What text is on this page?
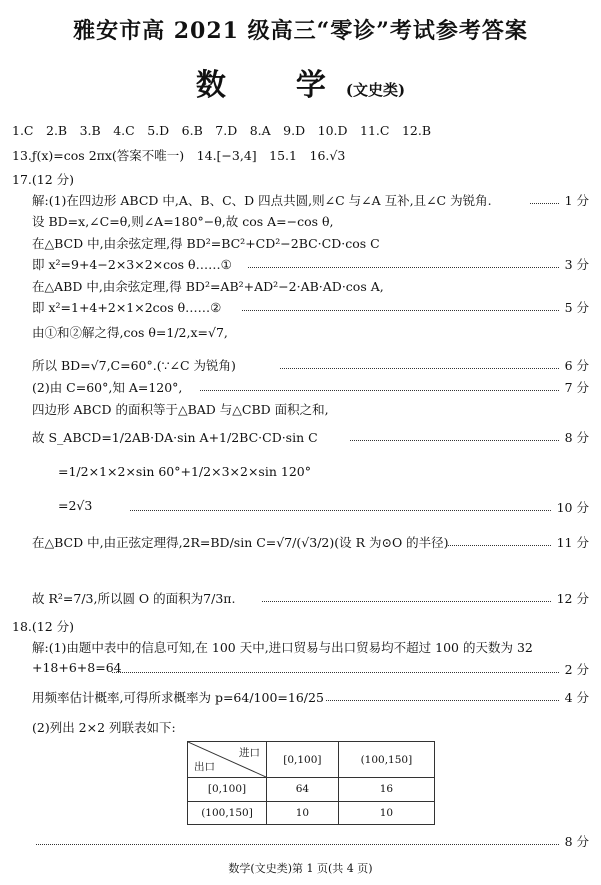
雅安市高 2021 级高三“零诊”考试参考答案
数　学(文史类)
1.C　2.B　3.B　4.C　5.D　6.B　7.D　8.A　9.D　10.D　11.C　12.B
13.ƒ(x)=cos 2πx(答案不唯一)　14.[−3,4]　15.1　16.√3
17.(12 分)
解:(1)在四边形 ABCD 中,A、B、C、D 四点共圆,则∠C 与∠A 互补,且∠C 为锐角.	1 分
设 BD=x,∠C=θ,则∠A=180°−θ,故 cos A=−cos θ,
在△BCD 中,由余弦定理,得 BD²=BC²+CD²−2BC·CD·cos C
即 x²=9+4−2×3×2×cos θ……①	3 分
在△ABD 中,由余弦定理,得 BD²=AB²+AD²−2·AB·AD·cos A,
即 x²=1+4+2×1×2cos θ……②	5 分
由①和②解之得,cos θ=1/2,x=√7,
所以 BD=√7,C=60°.(∵∠C 为锐角)	6 分
(2)由 C=60°,知 A=120°,	7 分
四边形 ABCD 的面积等于△BAD 与△CBD 面积之和,
故 S_ABCD=1/2AB·DA·sin A+1/2BC·CD·sin C	8 分
=1/2×1×2×sin 60°+1/2×3×2×sin 120°
=2√3	10 分
在△BCD 中,由正弦定理得,2R=BD/sin C=√7/(√3/2)(设 R 为⊙O 的半径)	11 分
故 R²=7/3,所以圆 O 的面积为7/3π.	12 分
18.(12 分)
解:(1)由题中表中的信息可知,在 100 天中,进口贸易与出口贸易均不超过 100 的天数为 32
+18+6+8=64	2 分
用频率估计概率,可得所求概率为 p=64/100=16/25	4 分
(2)列出 2×2 列联表如下:
进口
出口	[0,100]	(100,150]
[0,100]	64	16
(100,150]	10	10
8 分
数学(文史类)第 1 页(共 4 页)
